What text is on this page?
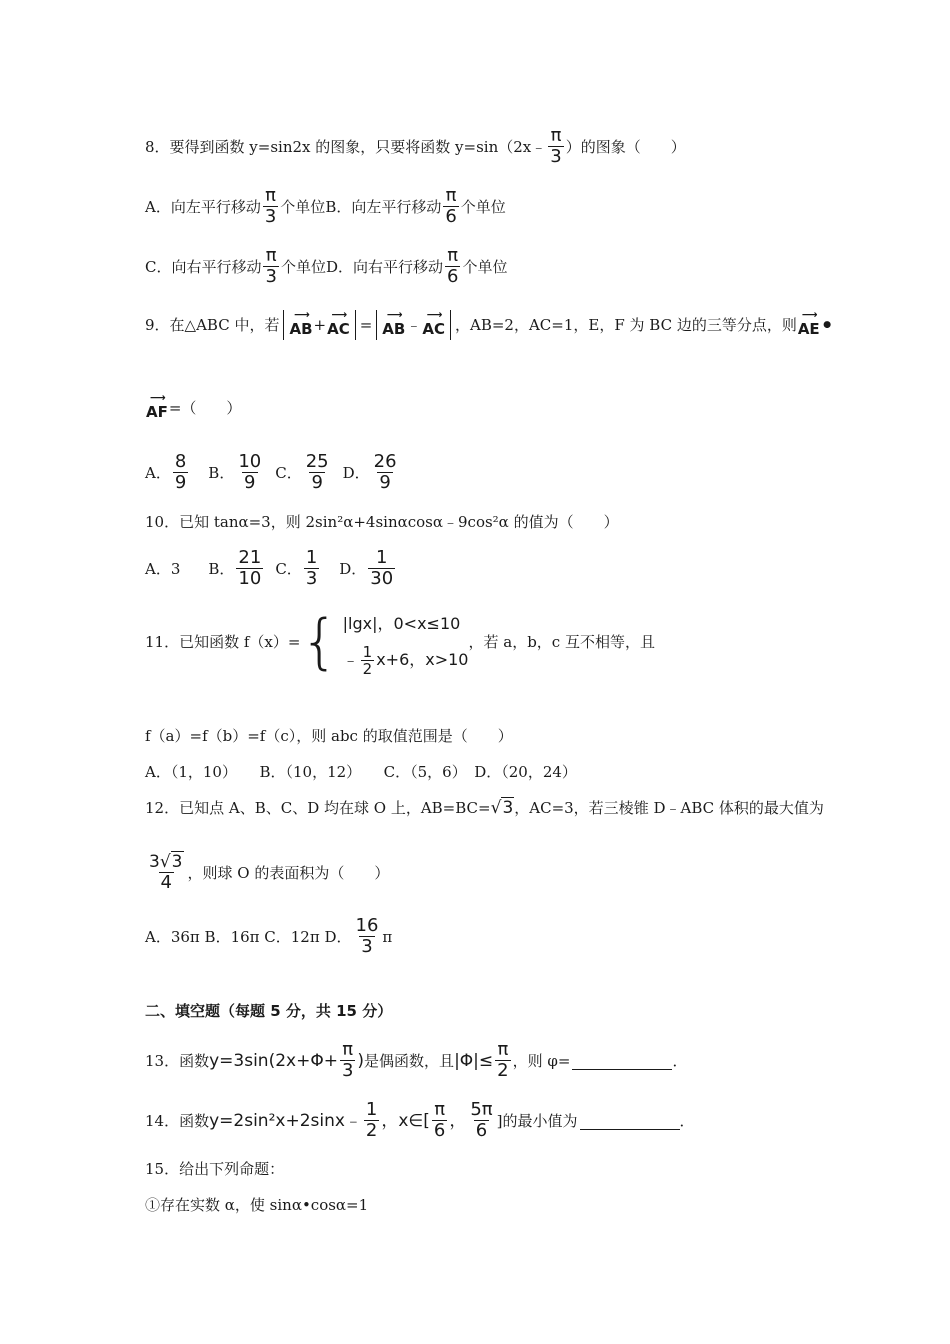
8．要得到函数 y=sin2x 的图象，只要将函数 y=sin（2x﹣ $\frac{\pi}{3}$ ）的图象（　　）
A．向左平行移动 $\frac{\pi}{3}$ 个单位 B．向左平行移动 $\frac{\pi}{6}$ 个单位
C．向右平行移动 $\frac{\pi}{3}$ 个单位 D．向右平行移动 $\frac{\pi}{6}$ 个单位
9．在△ABC 中，若
⟶
AB +
⟶
AC =
⟶
AB ﹣
⟶
AC ，AB=2，AC=1，E，F 为 BC 边的三等分点，则
⟶
AE •
⟶
AF =（　　）
A． $\frac{8}{9}$ B． $\frac{10}{9}$ C． $\frac{25}{9}$ D． $\frac{26}{9}$
10．已知 tanα=3，则 2sin²α+4sinαcosα﹣9cos²α 的值为（　　）
A．3 B． $\frac{21}{10}$ C． $\frac{1}{3}$ D． $\frac{1}{30}$
11．已知函数 f（x）= { |lgx|，0<x≤10
﹣ $\frac{1}{2} x+6$，x>10
，若 a，b，c 互不相等，且
f（a）=f（b）=f（c），则 abc 的取值范围是（　　）
A．（1，10）　　B．（10，12）　　C．（5，6）　D．（20，24）
12．已知点 A、B、C、D 均在球 O 上，AB=BC= √3 ，AC=3，若三棱锥 D﹣ABC 体积的最大值为
$\frac{3√3}{4}$ ，则球 O 的表面积为（　　）
A．36π B．16π C．12π D． $\frac{16}{3}$ π
二、填空题（每题 5 分，共 15 分）
13．函数 $y=3\sin(2x+\Phi+ \frac{\pi}{3}$ ) 是偶函数，且 $|\Phi|\le \frac{\pi}{2}$ ，则 φ=	．
14．函数 y=2sin²x+2sinx﹣ $\frac{1}{2}$ ，x∈[ $\frac{\pi}{6}$ ， $\frac{5\pi}{6}$ ]的最小值为	．
15．给出下列命题：
①存在实数 α，使 sinα•cosα=1
